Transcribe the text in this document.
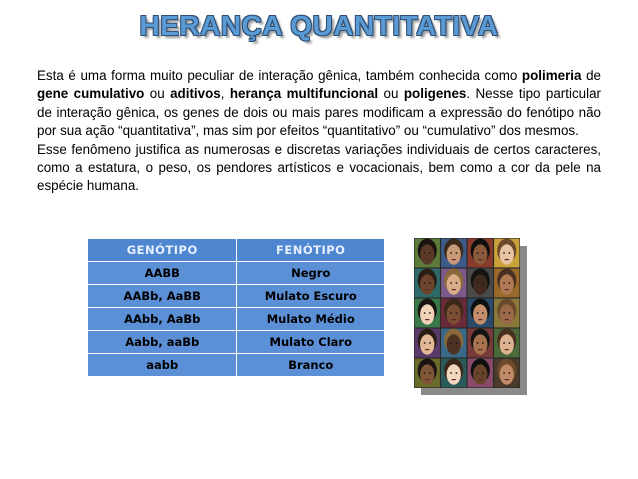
HERANÇA QUANTITATIVA

Esta é uma forma muito peculiar de interação gênica, também conhecida como polimeria de gene cumulativo ou aditivos, herança multifuncional ou poligenes. Nesse tipo particular de interação gênica, os genes de dois ou mais pares modificam a expressão do fenótipo não por sua ação “quantitativa”, mas sim por efeitos “quantitativo” ou “cumulativo” dos mesmos.

Esse fenômeno justifica as numerosas e discretas variações individuais de certos caracteres, como a estatura, o peso, os pendores artísticos e vocacionais, bem como a cor da pele na espécie humana.

GENÓTIPO	FENÓTIPO
AABB	Negro
AABb, AaBB	Mulato Escuro
AAbb, AaBb	Mulato Médio
Aabb, aaBb	Mulato Claro
aabb	Branco
